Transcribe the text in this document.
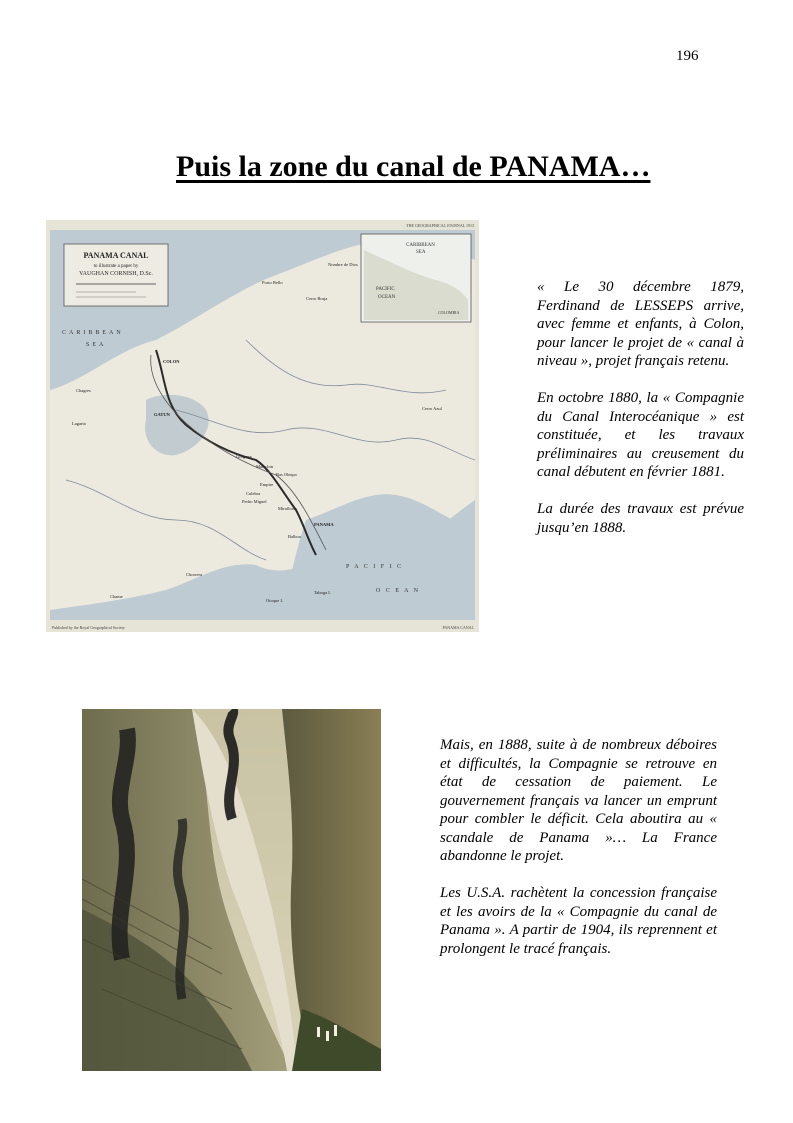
196
Puis la zone du canal de PANAMA…
CARIBBEAN
SEA
PACIFIC
OCEAN
COLOMBIA
PANAMA CANAL
to illustrate a paper by
VAUGHAN CORNISH, D.Sc.
THE GEOGRAPHICAL JOURNAL 1913
CARIBBEAN
SEA
P A C I F I C
O C E A N
COLON
GATUN
PANAMA
Porto Bello
Nombre de Dios
Culebra
Pedro Miguel
Miraflores
Balboa
Gorgona
Matachin
Bas Obispo
Empire
Chagres
Lagarto
Chorrera
Taboga I.
Otoque I.
Cerro Azul
Cerro Bruja
Chame
Published by the Royal Geographical Society	PANAMA CANAL

« Le 30 décembre 1879, Ferdinand de LESSEPS arrive, avec femme et enfants, à Colon, pour lancer le projet de « canal à niveau », projet français retenu.

En octobre 1880, la « Compagnie du Canal Interocéanique » est constituée, et les travaux préliminaires au creusement du canal débutent en février 1881.

La durée des travaux est prévue jusqu’en 1888.

Mais, en 1888, suite à de nombreux déboires et difficultés, la Compagnie se retrouve en état de cessation de paiement. Le gouvernement français va lancer un emprunt pour combler le déficit. Cela aboutira au « scandale de Panama »… La France abandonne le projet.

Les U.S.A. rachètent la concession française et les avoirs de la « Compagnie du canal de Panama ». A partir de 1904, ils reprennent et prolongent le tracé français.
